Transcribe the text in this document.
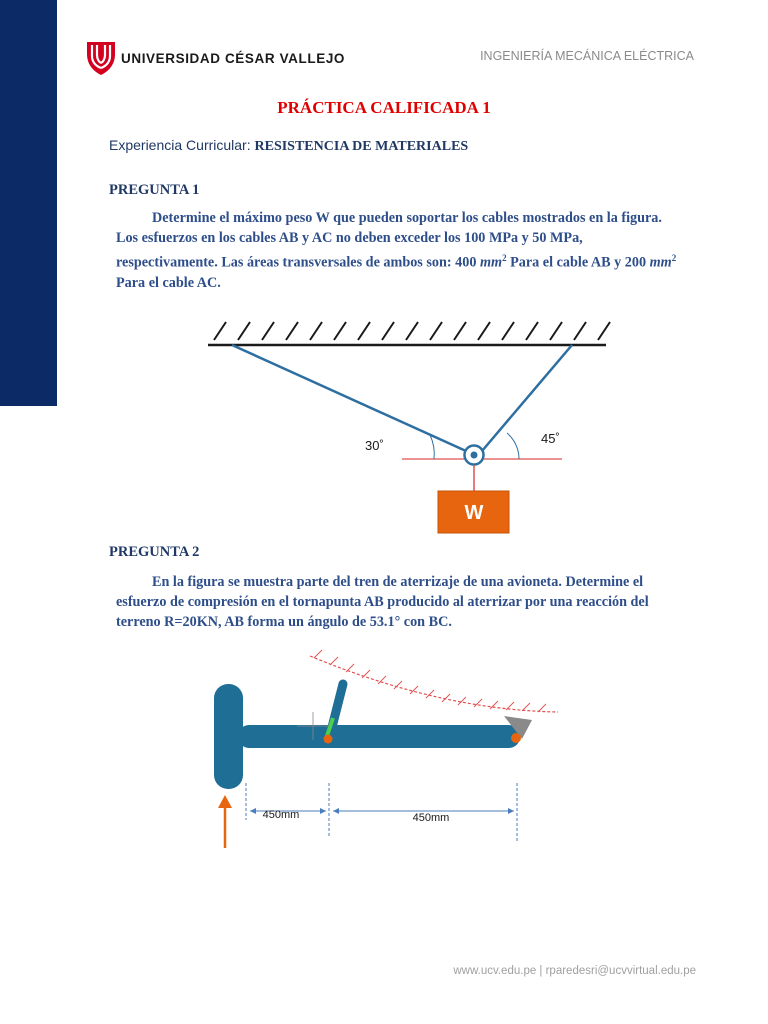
UNIVERSIDAD CÉSAR VALLEJO	INGENIERÍA MECÁNICA ELÉCTRICA
PRÁCTICA CALIFICADA 1
Experiencia Curricular: RESISTENCIA DE MATERIALES
PREGUNTA 1
Determine el máximo peso W que pueden soportar los cables mostrados en la figura. Los esfuerzos en los cables AB y AC no deben exceder los 100 MPa y 50 MPa, respectivamente. Las áreas transversales de ambos son: 400 $mm^2$ Para el cable AB y 200 $mm^2$ Para el cable AC.
30˚	45˚
W
PREGUNTA 2
En la figura se muestra parte del tren de aterrizaje de una avioneta. Determine el esfuerzo de compresión en el tornapunta AB producido al aterrizar por una reacción del terreno R=20KN, AB forma un ángulo de 53.1° con BC.
450mm	450mm
www.ucv.edu.pe | rparedesri@ucvvirtual.edu.pe
